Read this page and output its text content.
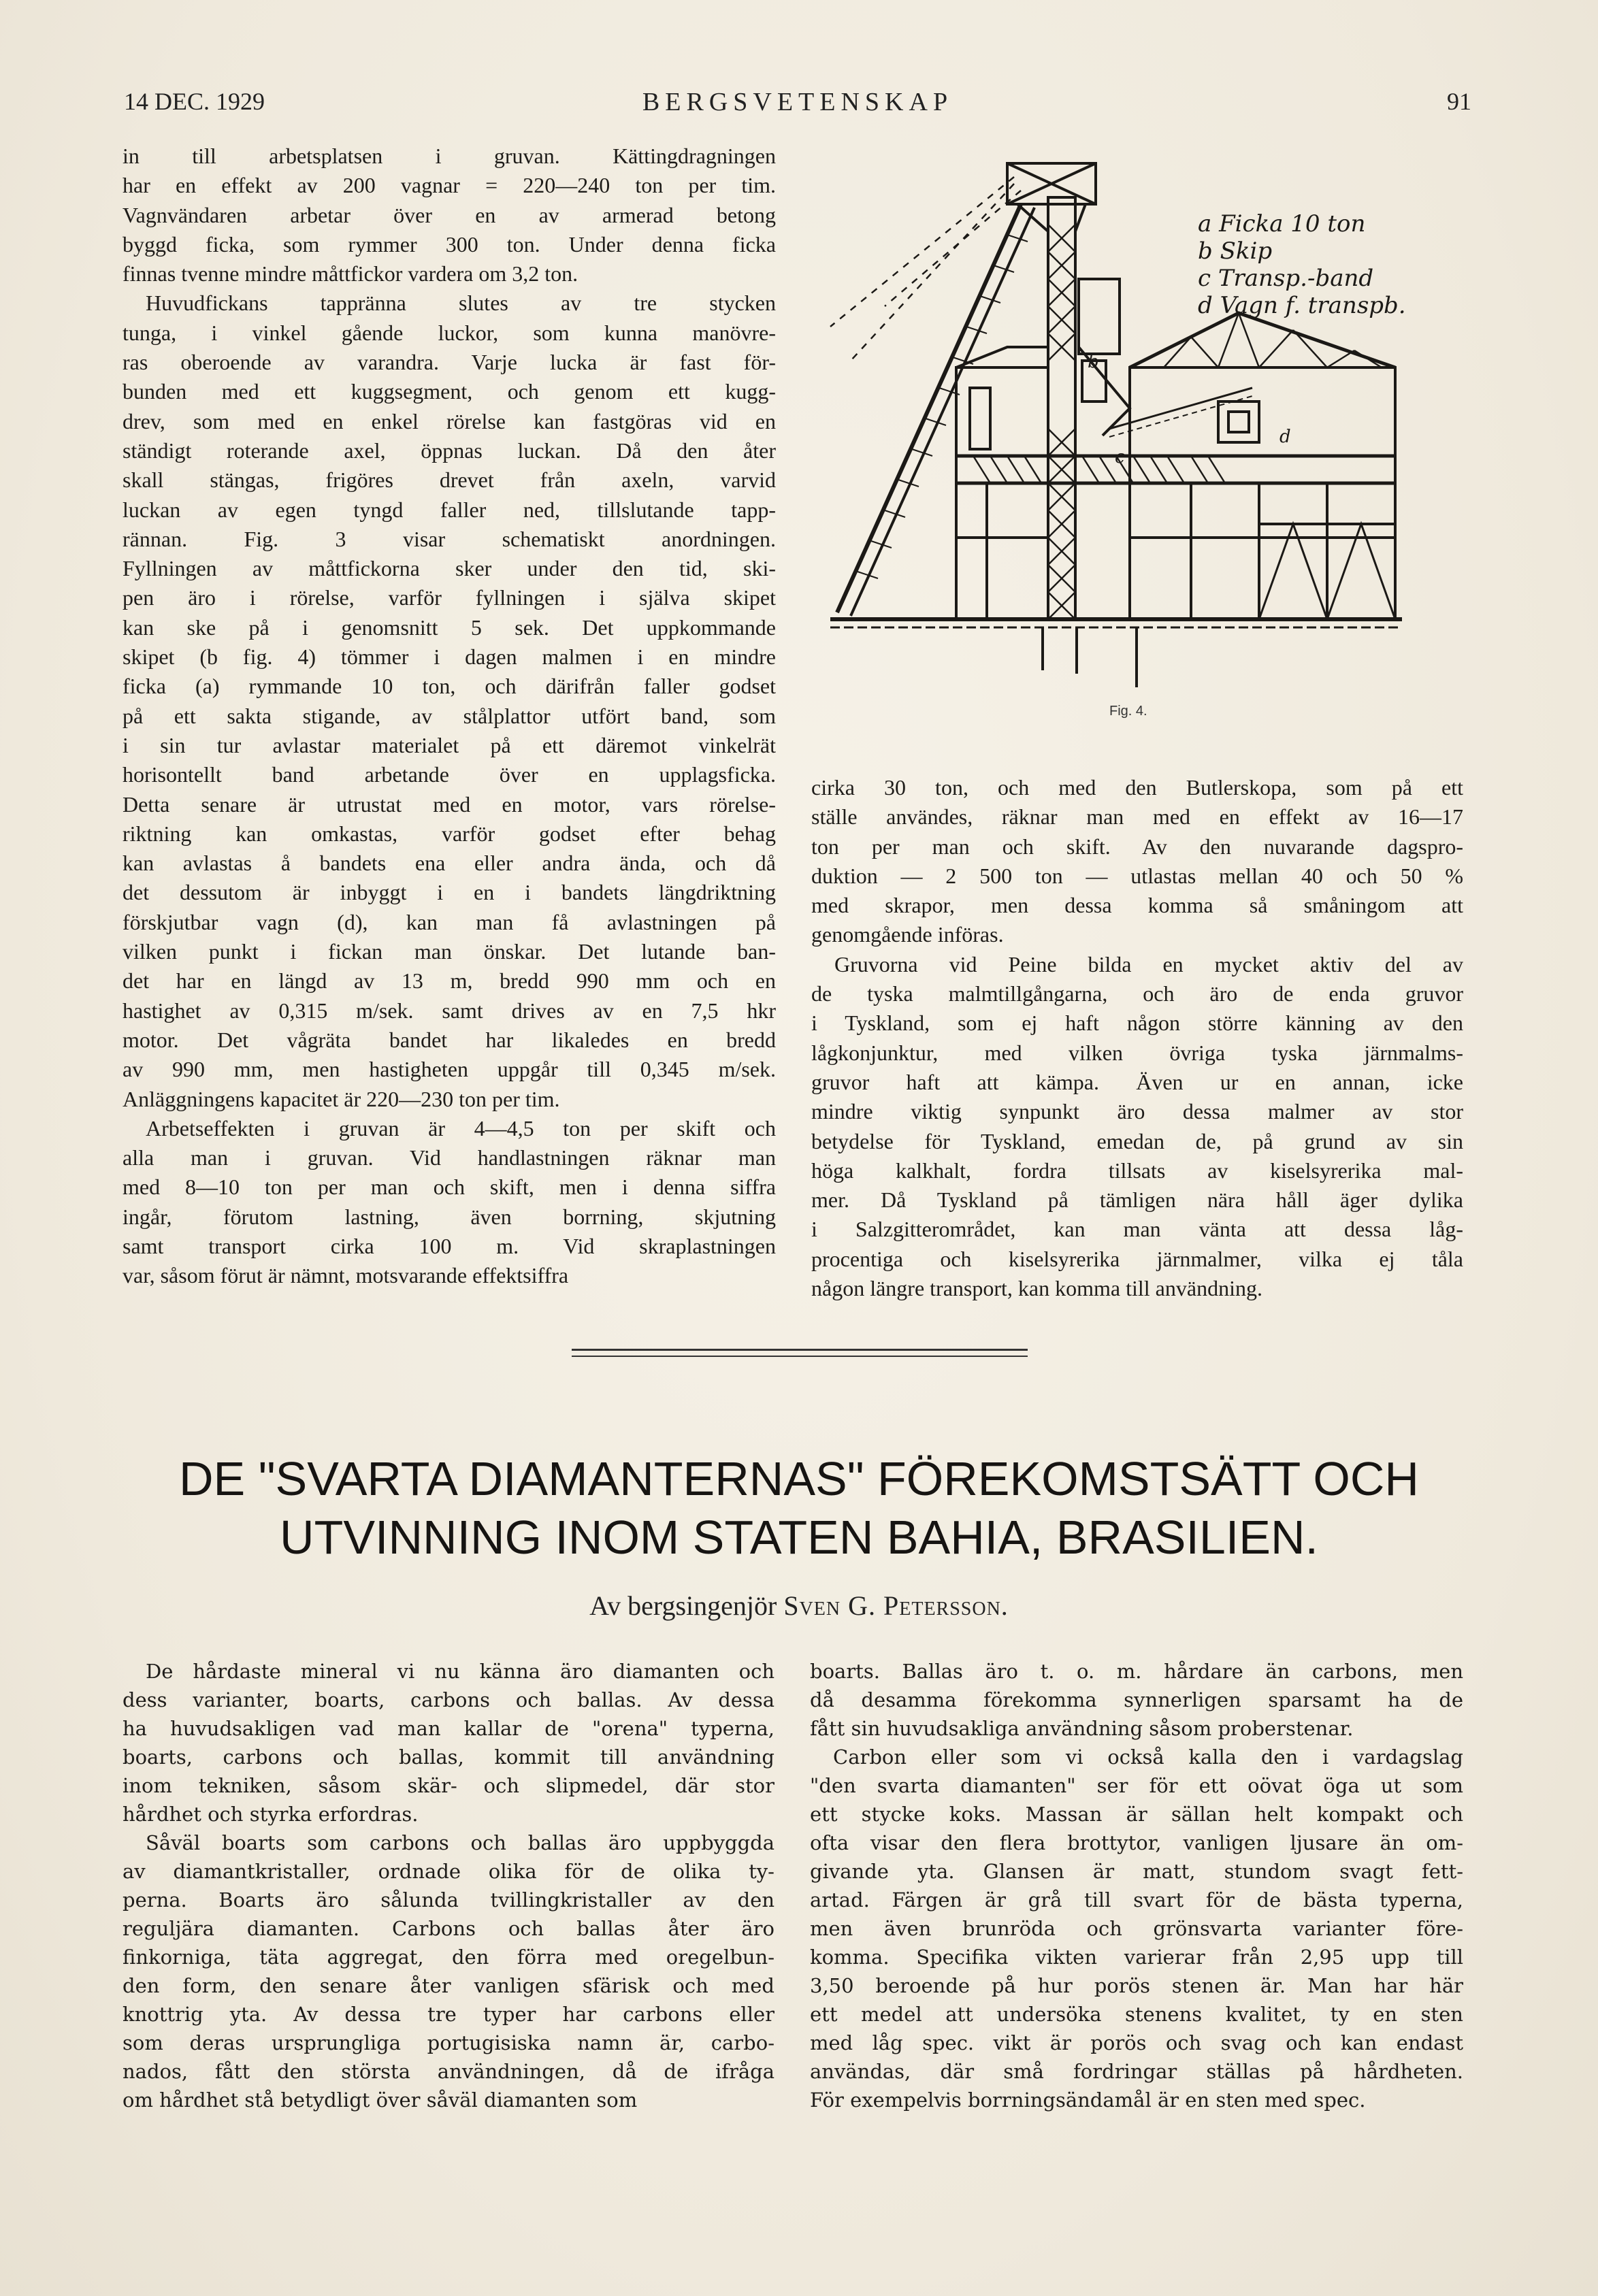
14 DEC. 1929	BERGSVETENSKAP	91
in till arbetsplatsen i gruvan. Kättingdragningen
har en effekt av 200 vagnar = 220—240 ton per tim.
Vagnvändaren arbetar över en av armerad betong
byggd ficka, som rymmer 300 ton. Under denna ficka
finnas tvenne mindre måttfickor vardera om 3,2 ton.
Huvudfickans tappränna slutes av tre stycken
tunga, i vinkel gående luckor, som kunna manövre-
ras oberoende av varandra. Varje lucka är fast för-
bunden med ett kuggsegment, och genom ett kugg-
drev, som med en enkel rörelse kan fastgöras vid en
ständigt roterande axel, öppnas luckan. Då den åter
skall stängas, frigöres drevet från axeln, varvid
luckan av egen tyngd faller ned, tillslutande tapp-
rännan. Fig. 3 visar schematiskt anordningen.
Fyllningen av måttfickorna sker under den tid, ski-
pen äro i rörelse, varför fyllningen i själva skipet
kan ske på i genomsnitt 5 sek. Det uppkommande
skipet (b fig. 4) tömmer i dagen malmen i en mindre
ficka (a) rymmande 10 ton, och därifrån faller godset
på ett sakta stigande, av stålplattor utfört band, som
i sin tur avlastar materialet på ett däremot vinkelrät
horisontellt band arbetande över en upplagsficka.
Detta senare är utrustat med en motor, vars rörelse-
riktning kan omkastas, varför godset efter behag
kan avlastas å bandets ena eller andra ända, och då
det dessutom är inbyggt i en i bandets längdriktning
förskjutbar vagn (d), kan man få avlastningen på
vilken punkt i fickan man önskar. Det lutande ban-
det har en längd av 13 m, bredd 990 mm och en
hastighet av 0,315 m/sek. samt drives av en 7,5 hkr
motor. Det vågräta bandet har likaledes en bredd
av 990 mm, men hastigheten uppgår till 0,345 m/sek.
Anläggningens kapacitet är 220—230 ton per tim.
Arbetseffekten i gruvan är 4—4,5 ton per skift och
alla man i gruvan. Vid handlastningen räknar man
med 8—10 ton per man och skift, men i denna siffra
ingår, förutom lastning, även borrning, skjutning
samt transport cirka 100 m. Vid skraplastningen
var, såsom förut är nämnt, motsvarande effektsiffra
a Ficka 10 ton
b Skip
c Transp.-band
d Vagn f. transpb.
b
c
d
Fig. 4.
cirka 30 ton, och med den Butlerskopa, som på ett
ställe användes, räknar man med en effekt av 16—17
ton per man och skift. Av den nuvarande dagspro-
duktion — 2 500 ton — utlastas mellan 40 och 50 %
med skrapor, men dessa komma så småningom att
genomgående införas.
Gruvorna vid Peine bilda en mycket aktiv del av
de tyska malmtillgångarna, och äro de enda gruvor
i Tyskland, som ej haft någon större känning av den
lågkonjunktur, med vilken övriga tyska järnmalms-
gruvor haft att kämpa. Även ur en annan, icke
mindre viktig synpunkt äro dessa malmer av stor
betydelse för Tyskland, emedan de, på grund av sin
höga kalkhalt, fordra tillsats av kiselsyrerika mal-
mer. Då Tyskland på tämligen nära håll äger dylika
i Salzgitterområdet, kan man vänta att dessa låg-
procentiga och kiselsyrerika järnmalmer, vilka ej tåla
någon längre transport, kan komma till användning.
DE "SVARTA DIAMANTERNAS" FÖREKOMSTSÄTT OCH
UTVINNING INOM STATEN BAHIA, BRASILIEN.
Av bergsingenjör Sven G. Petersson.
De hårdaste mineral vi nu känna äro diamanten och
dess varianter, boarts, carbons och ballas. Av dessa
ha huvudsakligen vad man kallar de "orena" typerna,
boarts, carbons och ballas, kommit till användning
inom tekniken, såsom skär- och slipmedel, där stor
hårdhet och styrka erfordras.
Såväl boarts som carbons och ballas äro uppbyggda
av diamantkristaller, ordnade olika för de olika ty-
perna. Boarts äro sålunda tvillingkristaller av den
reguljära diamanten. Carbons och ballas åter äro
finkorniga, täta aggregat, den förra med oregelbun-
den form, den senare åter vanligen sfärisk och med
knottrig yta. Av dessa tre typer har carbons eller
som deras ursprungliga portugisiska namn är, carbo-
nados, fått den största användningen, då de ifråga
om hårdhet stå betydligt över såväl diamanten som
boarts. Ballas äro t. o. m. hårdare än carbons, men
då desamma förekomma synnerligen sparsamt ha de
fått sin huvudsakliga användning såsom proberstenar.
Carbon eller som vi också kalla den i vardagslag
"den svarta diamanten" ser för ett oövat öga ut som
ett stycke koks. Massan är sällan helt kompakt och
ofta visar den flera brottytor, vanligen ljusare än om-
givande yta. Glansen är matt, stundom svagt fett-
artad. Färgen är grå till svart för de bästa typerna,
men även brunröda och grönsvarta varianter före-
komma. Specifika vikten varierar från 2,95 upp till
3,50 beroende på hur porös stenen är. Man har här
ett medel att undersöka stenens kvalitet, ty en sten
med låg spec. vikt är porös och svag och kan endast
användas, där små fordringar ställas på hårdheten.
För exempelvis borrningsändamål är en sten med spec.
